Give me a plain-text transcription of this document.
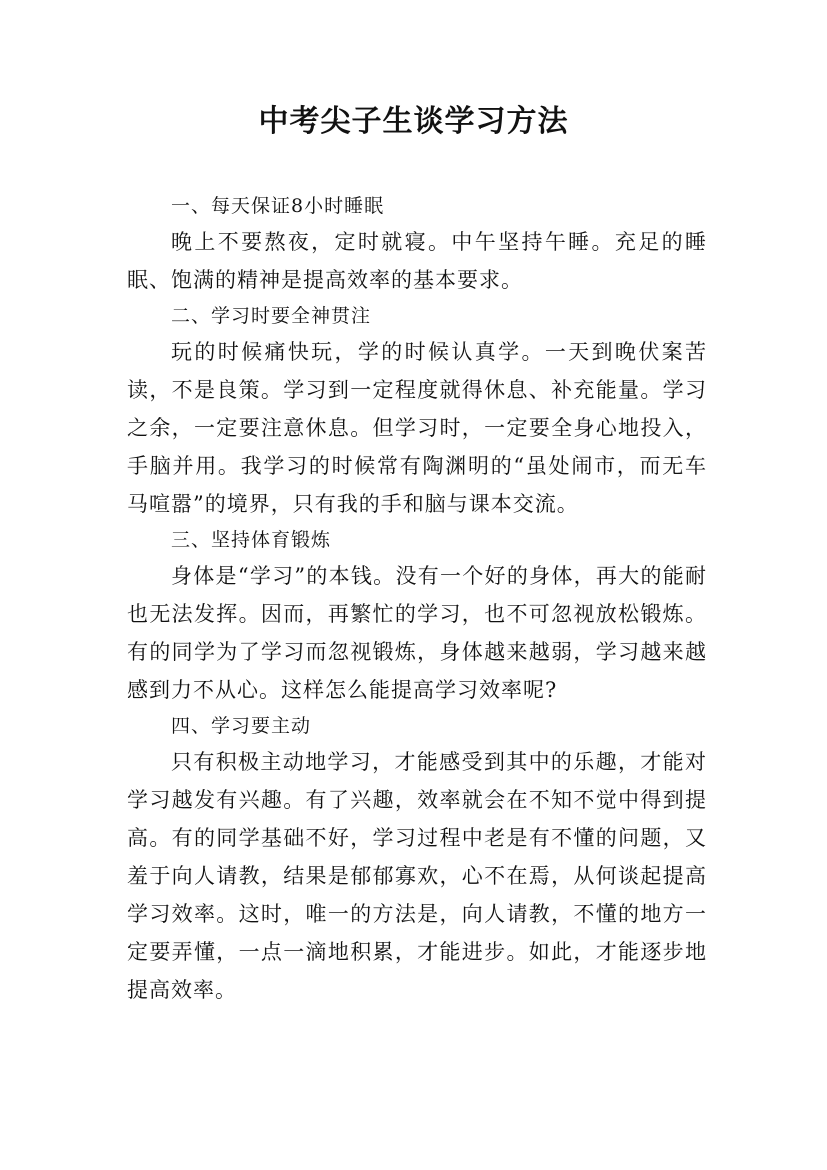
中考尖子生谈学习方法

一、每天保证8小时睡眠

晚上不要熬夜，定时就寝。中午坚持午睡。充足的睡眠、饱满的精神是提高效率的基本要求。

二、学习时要全神贯注

玩的时候痛快玩，学的时候认真学。一天到晚伏案苦读，不是良策。学习到一定程度就得休息、补充能量。学习之余，一定要注意休息。但学习时，一定要全身心地投入，手脑并用。我学习的时候常有陶渊明的“虽处闹市，而无车马喧嚣”的境界，只有我的手和脑与课本交流。

三、坚持体育锻炼

身体是“学习”的本钱。没有一个好的身体，再大的能耐也无法发挥。因而，再繁忙的学习，也不可忽视放松锻炼。有的同学为了学习而忽视锻炼，身体越来越弱，学习越来越感到力不从心。这样怎么能提高学习效率呢?

四、学习要主动

只有积极主动地学习，才能感受到其中的乐趣，才能对学习越发有兴趣。有了兴趣，效率就会在不知不觉中得到提高。有的同学基础不好，学习过程中老是有不懂的问题，又羞于向人请教，结果是郁郁寡欢，心不在焉，从何谈起提高学习效率。这时，唯一的方法是，向人请教，不懂的地方一定要弄懂，一点一滴地积累，才能进步。如此，才能逐步地提高效率。
